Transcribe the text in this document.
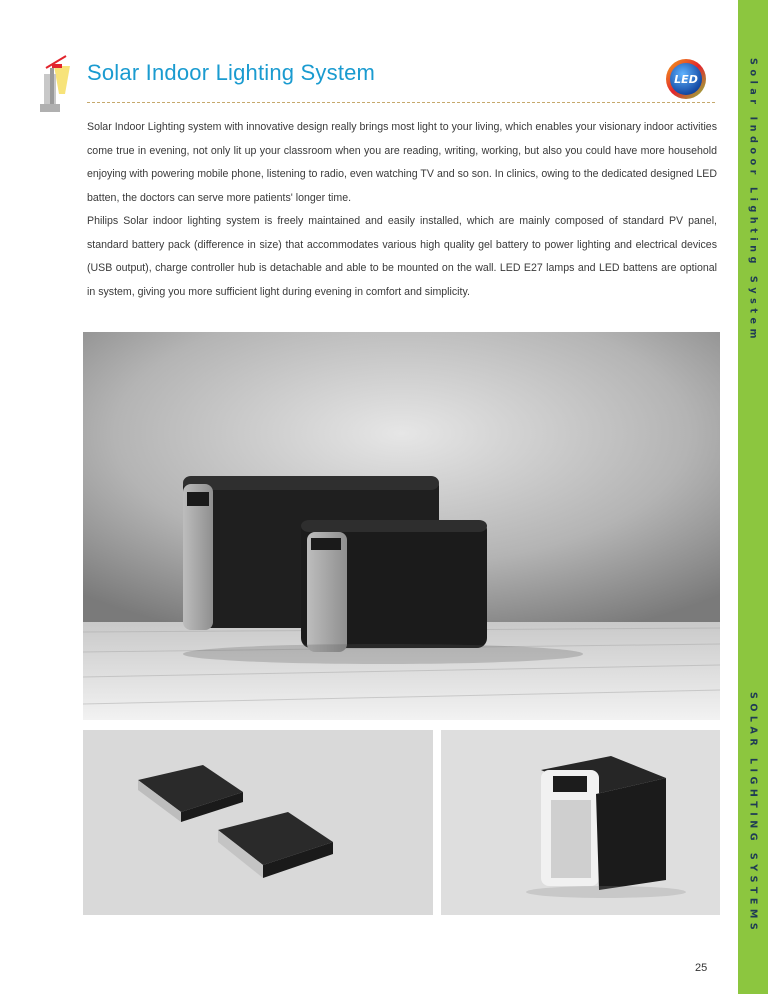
Solar Indoor Lighting System	LED

Solar Indoor Lighting system with innovative design really brings most light to your living, which enables your visionary indoor activities come true in evening, not only lit up your classroom when you are reading, writing, working, but also you could have more household enjoying with powering mobile phone, listening to radio, even watching TV and so son. In clinics, owing to the dedicated designed LED batten, the doctors can serve more patients' longer time.

Philips Solar indoor lighting system is freely maintained and easily installed, which are mainly composed of standard PV panel, standard battery pack (difference in size) that accommodates various high quality gel battery to power lighting and electrical devices (USB output), charge controller hub is detachable and able to be mounted on the wall. LED E27 lamps and LED battens are optional in system, giving you more sufficient light during evening in comfort and simplicity.	Solar Indoor Lighting System
SOLAR LIGHTING SYSTEMS
25
